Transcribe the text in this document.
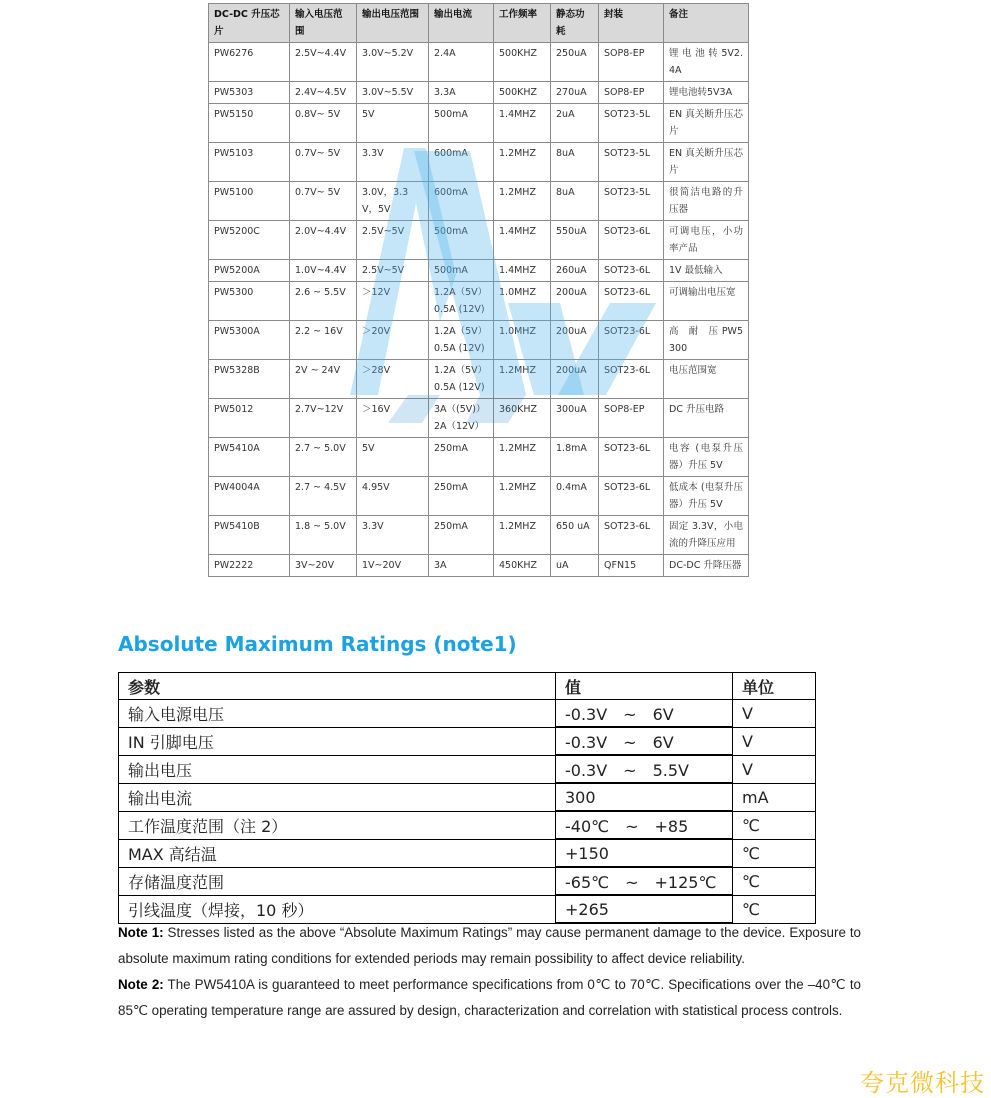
DC-DC 升压芯片	输入电压范围	输出电压范围	输出电流	工作频率	静态功耗	封装	备注
PW6276	2.5V~4.4V	3.0V~5.2V	2.4A	500KHZ	250uA	SOP8-EP	锂 电 池 转 5V2.4A
PW5303	2.4V~4.5V	3.0V~5.5V	3.3A	500KHZ	270uA	SOP8-EP	锂电池转5V3A
PW5150	0.8V~ 5V	5V	500mA	1.4MHZ	2uA	SOT23-5L	EN 真关断升压芯片
PW5103	0.7V~ 5V	3.3V	600mA	1.2MHZ	8uA	SOT23-5L	EN 真关断升压芯片
PW5100	0.7V~ 5V	3.0V，3.3V，5V	600mA	1.2MHZ	8uA	SOT23-5L	很简洁电路的升压器
PW5200C	2.0V~4.4V	2.5V~5V	500mA	1.4MHZ	550uA	SOT23-6L	可调电压，小功率产品
PW5200A	1.0V~4.4V	2.5V~5V	500mA	1.4MHZ	260uA	SOT23-6L	1V 最低输入
PW5300	2.6 ~ 5.5V	＞12V	1.2A（5V）0.5A (12V)	1.0MHZ	200uA	SOT23-6L	可调输出电压宽
PW5300A	2.2 ~ 16V	＞20V	1.2A（5V）0.5A (12V)	1.0MHZ	200uA	SOT23-6L	高　耐　压 PW5300
PW5328B	2V ~ 24V	＞28V	1.2A（5V）0.5A (12V)	1.2MHZ	200uA	SOT23-6L	电压范围宽
PW5012	2.7V~12V	＞16V	3A（(5V)）2A（12V）	360KHZ	300uA	SOP8-EP	DC 升压电路
PW5410A	2.7 ~ 5.0V	5V	250mA	1.2MHZ	1.8mA	SOT23-6L	电容 (电泵升压器）升压 5V
PW4004A	2.7 ~ 4.5V	4.95V	250mA	1.2MHZ	0.4mA	SOT23-6L	低成本 (电泵升压器）升压 5V
PW5410B	1.8 ~ 5.0V	3.3V	250mA	1.2MHZ	650 uA	SOT23-6L	固定 3.3V，小电流的升降压应用
PW2222	3V~20V	1V~20V	3A	450KHZ	uA	QFN15	DC-DC 升降压器
Absolute Maximum Ratings (note1)
参数	值	单位
输入电源电压	-0.3V　~　6V	V
IN 引脚电压	-0.3V　~　6V	V
输出电压	-0.3V　~　5.5V	V
输出电流	300	mA
工作温度范围（注 2）	-40℃　~　+85	℃
MAX 高结温	+150	℃
存储温度范围	-65℃　~　+125℃	℃
引线温度（焊接，10 秒）	+265	℃

Note 1: Stresses listed as the above “Absolute Maximum Ratings” may cause permanent damage to the device. Exposure to absolute maximum rating conditions for extended periods may remain possibility to affect device reliability.

Note 2: The PW5410A is guaranteed to meet performance specifications from 0℃ to 70℃. Specifications over the –40℃ to 85℃ operating temperature range are assured by design, characterization and correlation with statistical process controls.

夸克微科技
